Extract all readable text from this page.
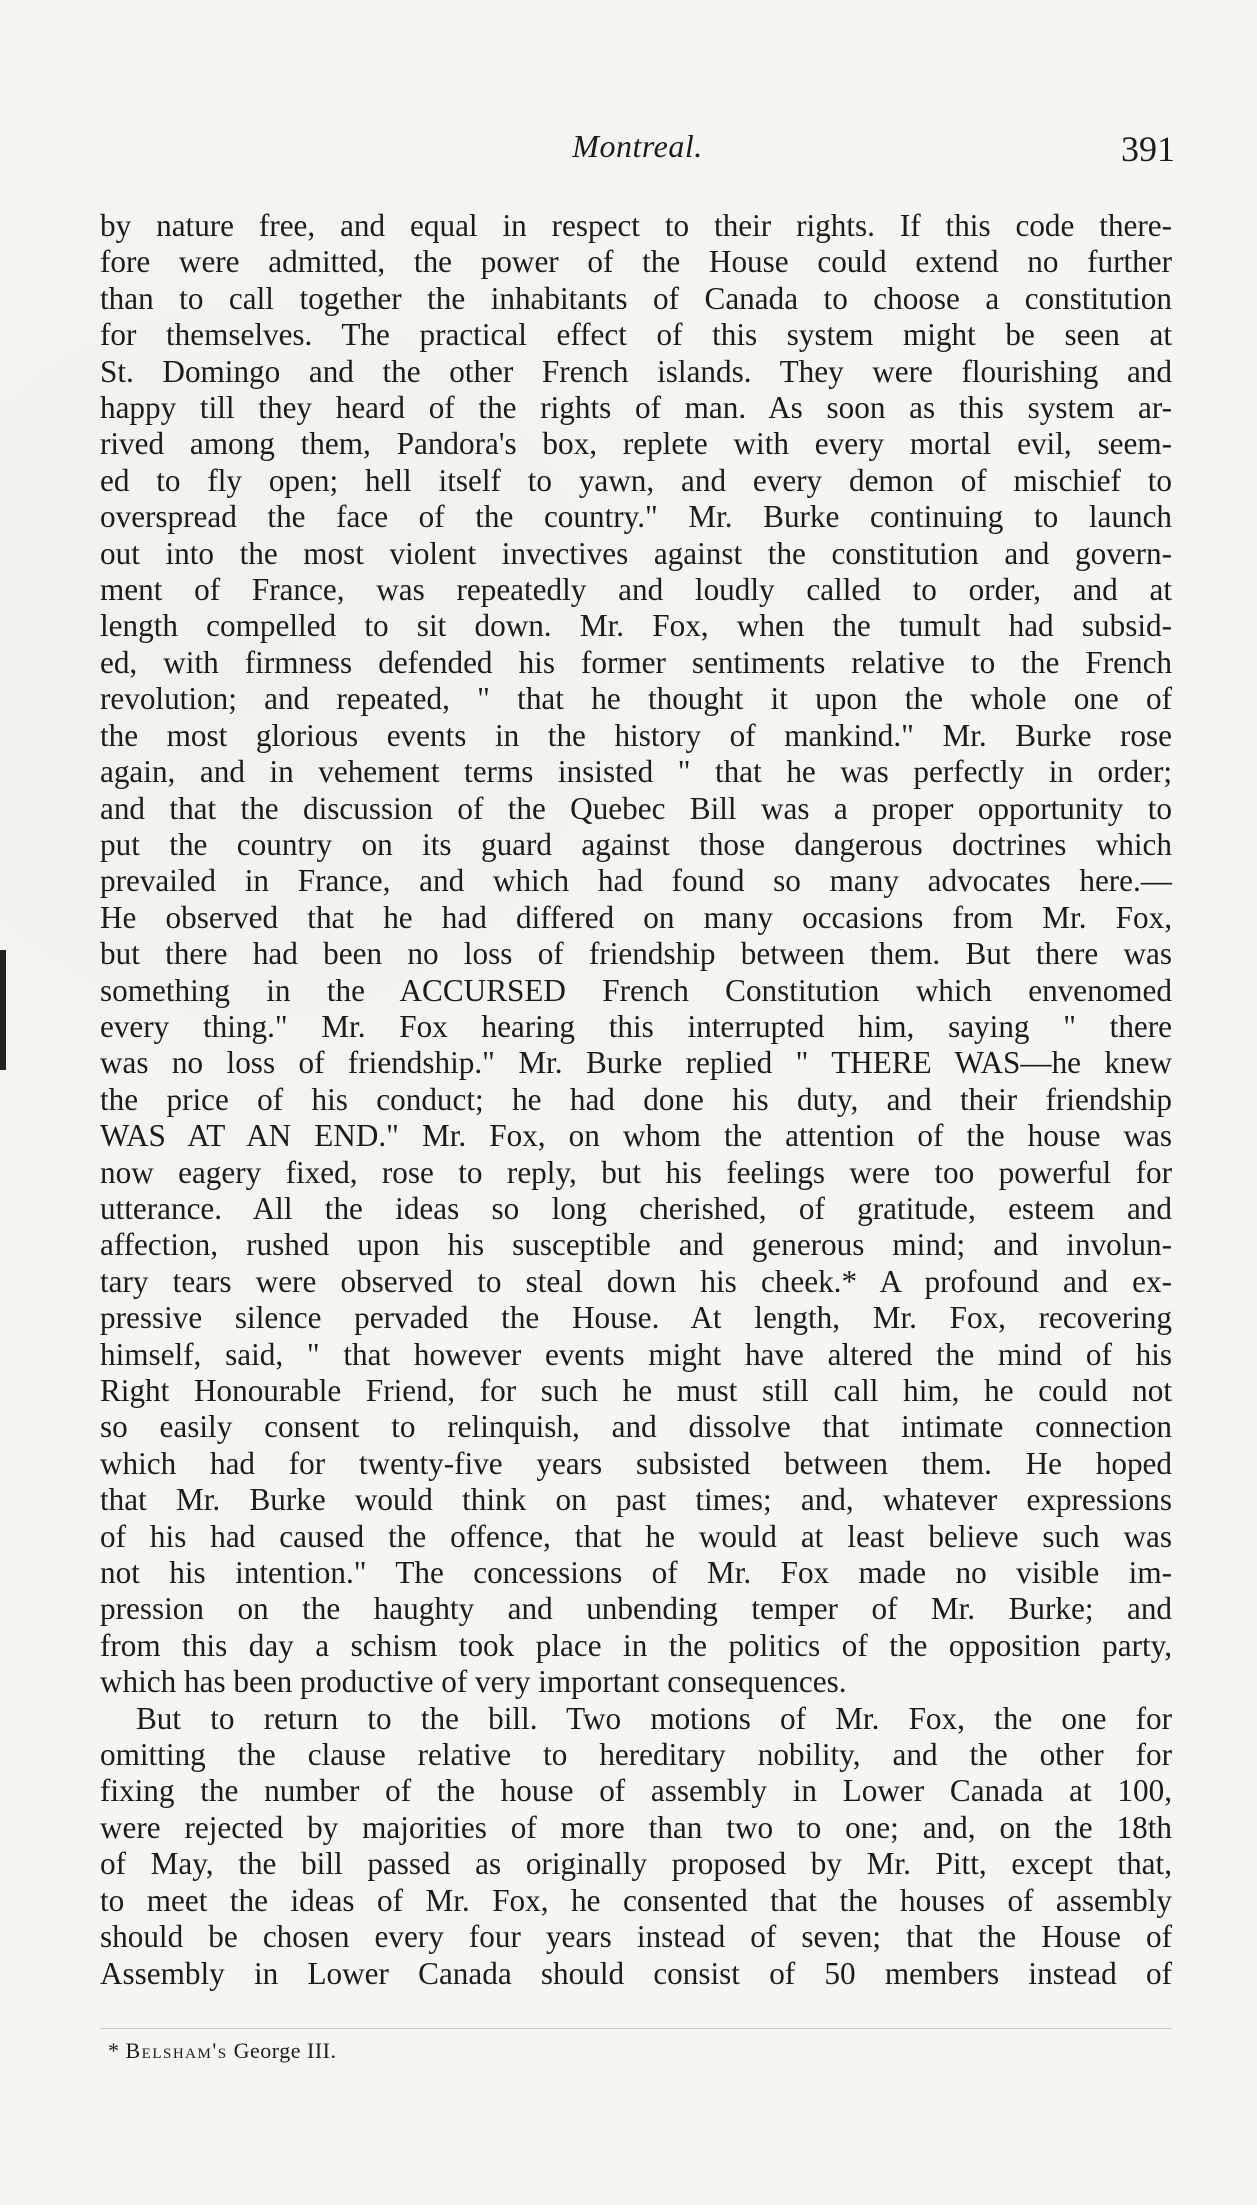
Montreal.	391

by nature free, and equal in respect to their rights. If this code there-
fore were admitted, the power of the House could extend no further
than to call together the inhabitants of Canada to choose a constitution
for themselves. The practical effect of this system might be seen at
St. Domingo and the other French islands. They were flourishing and
happy till they heard of the rights of man. As soon as this system ar-
rived among them, Pandora's box, replete with every mortal evil, seem-
ed to fly open; hell itself to yawn, and every demon of mischief to
overspread the face of the country." Mr. Burke continuing to launch
out into the most violent invectives against the constitution and govern-
ment of France, was repeatedly and loudly called to order, and at
length compelled to sit down. Mr. Fox, when the tumult had subsid-
ed, with firmness defended his former sentiments relative to the French
revolution; and repeated, " that he thought it upon the whole one of
the most glorious events in the history of mankind." Mr. Burke rose
again, and in vehement terms insisted " that he was perfectly in order;
and that the discussion of the Quebec Bill was a proper opportunity to
put the country on its guard against those dangerous doctrines which
prevailed in France, and which had found so many advocates here.—
He observed that he had differed on many occasions from Mr. Fox,
but there had been no loss of friendship between them. But there was
something in the ACCURSED French Constitution which envenomed
every thing." Mr. Fox hearing this interrupted him, saying " there
was no loss of friendship." Mr. Burke replied " THERE WAS—he knew
the price of his conduct; he had done his duty, and their friendship
WAS AT AN END." Mr. Fox, on whom the attention of the house was
now eagery fixed, rose to reply, but his feelings were too powerful for
utterance. All the ideas so long cherished, of gratitude, esteem and
affection, rushed upon his susceptible and generous mind; and involun-
tary tears were observed to steal down his cheek.* A profound and ex-
pressive silence pervaded the House. At length, Mr. Fox, recovering
himself, said, " that however events might have altered the mind of his
Right Honourable Friend, for such he must still call him, he could not
so easily consent to relinquish, and dissolve that intimate connection
which had for twenty-five years subsisted between them. He hoped
that Mr. Burke would think on past times; and, whatever expressions
of his had caused the offence, that he would at least believe such was
not his intention." The concessions of Mr. Fox made no visible im-
pression on the haughty and unbending temper of Mr. Burke; and
from this day a schism took place in the politics of the opposition party,
which has been productive of very important consequences.

But to return to the bill. Two motions of Mr. Fox, the one for
omitting the clause relative to hereditary nobility, and the other for
fixing the number of the house of assembly in Lower Canada at 100,
were rejected by majorities of more than two to one; and, on the 18th
of May, the bill passed as originally proposed by Mr. Pitt, except that,
to meet the ideas of Mr. Fox, he consented that the houses of assembly
should be chosen every four years instead of seven; that the House of
Assembly in Lower Canada should consist of 50 members instead of

* Belsham's George III.
